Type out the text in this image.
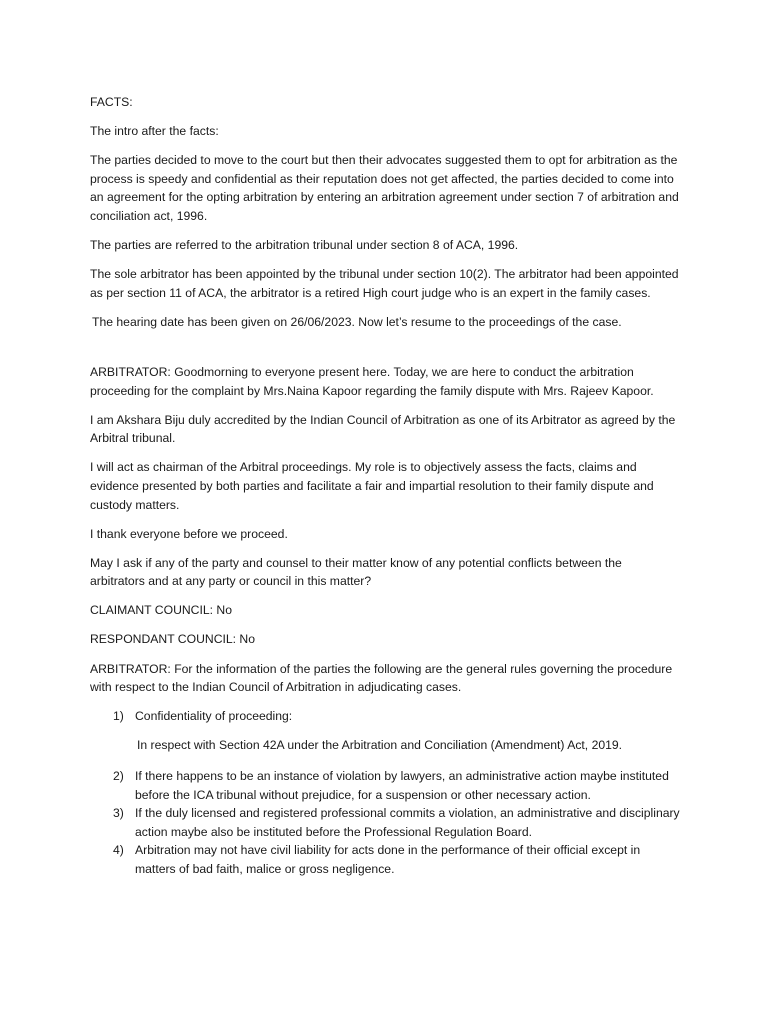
FACTS:

The intro after the facts:

The parties decided to move to the court but then their advocates suggested them to opt for arbitration as the process is speedy and confidential as their reputation does not get affected, the parties decided to come into an agreement for the opting arbitration by entering an arbitration agreement under section 7 of arbitration and conciliation act, 1996.

The parties are referred to the arbitration tribunal under section 8 of ACA, 1996.

The sole arbitrator has been appointed by the tribunal under section 10(2). The arbitrator had been appointed as per section 11 of ACA, the arbitrator is a retired High court judge who is an expert in the family cases.

The hearing date has been given on 26/06/2023. Now let’s resume to the proceedings of the case.

ARBITRATOR: Goodmorning to everyone present here. Today, we are here to conduct the arbitration proceeding for the complaint by Mrs.Naina Kapoor regarding the family dispute with Mrs. Rajeev Kapoor.

I am Akshara Biju duly accredited by the Indian Council of Arbitration as one of its Arbitrator as agreed by the Arbitral tribunal.

I will act as chairman of the Arbitral proceedings. My role is to objectively assess the facts, claims and evidence presented by both parties and facilitate a fair and impartial resolution to their family dispute and custody matters.

I thank everyone before we proceed.

May I ask if any of the party and counsel to their matter know of any potential conflicts between the arbitrators and at any party or council in this matter?

CLAIMANT COUNCIL: No

RESPONDANT COUNCIL: No

ARBITRATOR: For the information of the parties the following are the general rules governing the procedure with respect to the Indian Council of Arbitration in adjudicating cases.

1) Confidentiality of proceeding:

In respect with Section 42A under the Arbitration and Conciliation (Amendment) Act, 2019.

2) If there happens to be an instance of violation by lawyers, an administrative action maybe instituted before the ICA tribunal without prejudice, for a suspension or other necessary action.
3) If the duly licensed and registered professional commits a violation, an administrative and disciplinary action maybe also be instituted before the Professional Regulation Board.
4) Arbitration may not have civil liability for acts done in the performance of their official except in matters of bad faith, malice or gross negligence.
